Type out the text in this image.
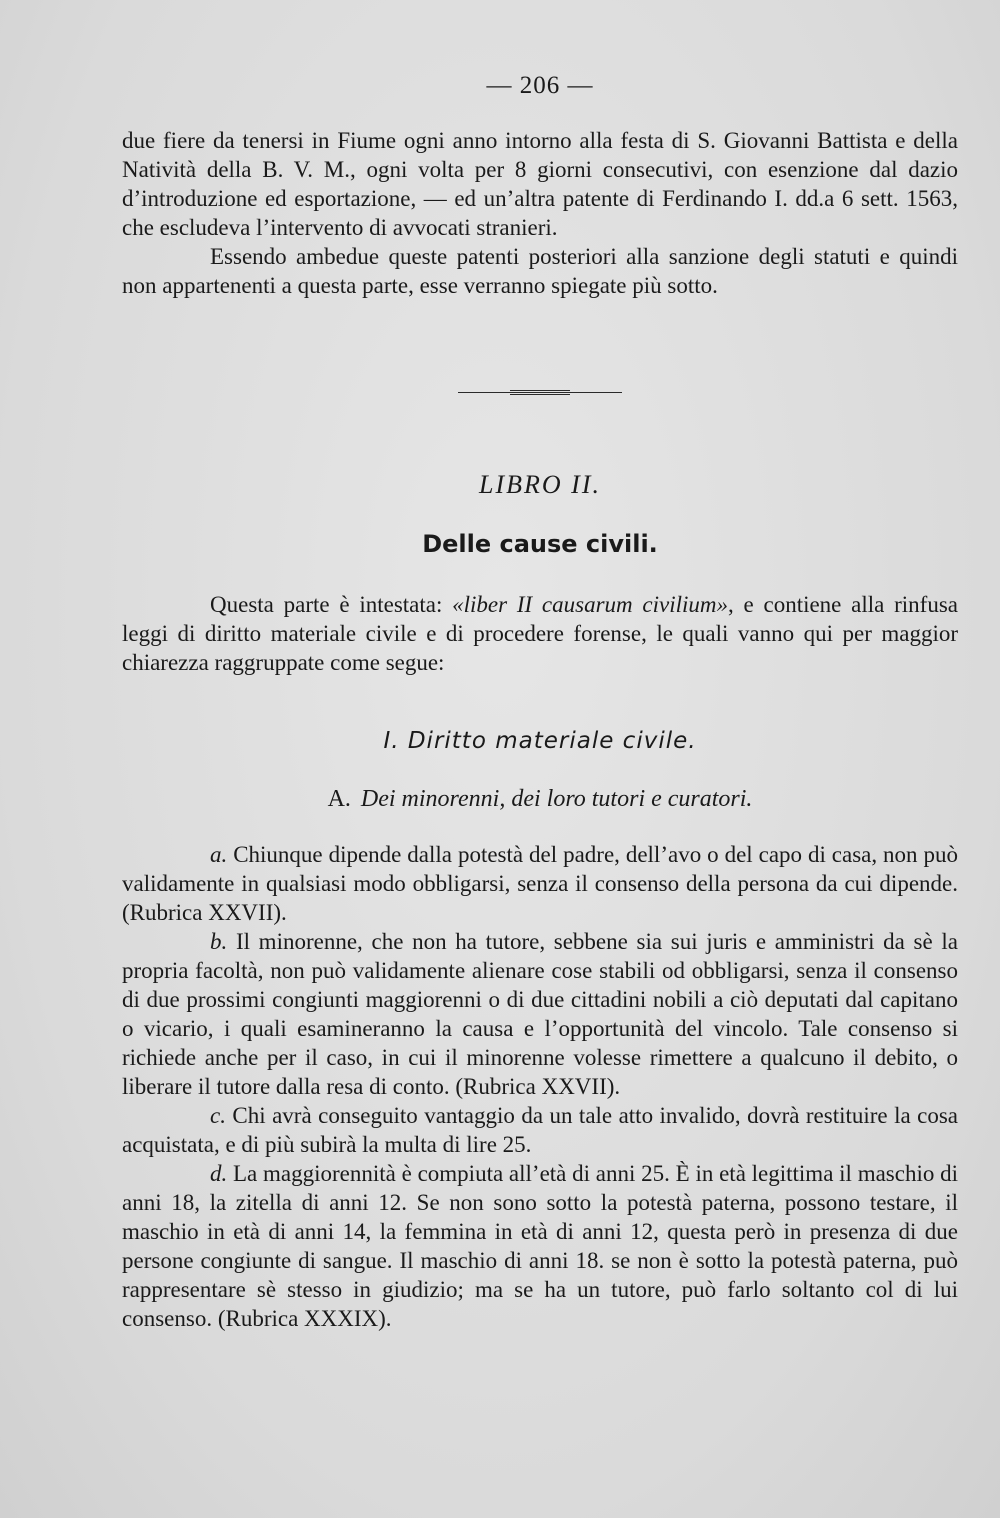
— 206 —

due fiere da tenersi in Fiume ogni anno intorno alla festa di S. Giovanni Battista e della Natività della B. V. M., ogni volta per 8 giorni consecutivi, con esenzione dal dazio d’introduzione ed esportazione, — ed un’altra patente di Ferdinando I. dd.a 6 sett. 1563, che escludeva l’intervento di avvocati stranieri.

Essendo ambedue queste patenti posteriori alla sanzione degli statuti e quindi non appartenenti a questa parte, esse verranno spiegate più sotto.

LIBRO II.
Delle cause civili.

Questa parte è intestata: «liber II causarum civilium», e contiene alla rinfusa leggi di diritto materiale civile e di procedere forense, le quali vanno qui per maggior chiarezza raggruppate come segue:

I. Diritto materiale civile.
A. Dei minorenni, dei loro tutori e curatori.

a. Chiunque dipende dalla potestà del padre, dell’avo o del capo di casa, non può validamente in qualsiasi modo obbligarsi, senza il consenso della persona da cui dipende. (Rubrica XXVII).

b. Il minorenne, che non ha tutore, sebbene sia sui juris e amministri da sè la propria facoltà, non può validamente alienare cose stabili od obbligarsi, senza il consenso di due prossimi congiunti maggiorenni o di due cittadini nobili a ciò deputati dal capitano o vicario, i quali esamineranno la causa e l’opportunità del vincolo. Tale consenso si richiede anche per il caso, in cui il minorenne volesse rimettere a qualcuno il debito, o liberare il tutore dalla resa di conto. (Rubrica XXVII).

c. Chi avrà conseguito vantaggio da un tale atto invalido, dovrà restituire la cosa acquistata, e di più subirà la multa di lire 25.

d. La maggiorennità è compiuta all’età di anni 25. È in età legittima il maschio di anni 18, la zitella di anni 12. Se non sono sotto la potestà paterna, possono testare, il maschio in età di anni 14, la femmina in età di anni 12, questa però in presenza di due persone congiunte di sangue. Il maschio di anni 18. se non è sotto la potestà paterna, può rappresentare sè stesso in giudizio; ma se ha un tutore, può farlo soltanto col di lui consenso. (Rubrica XXXIX).
